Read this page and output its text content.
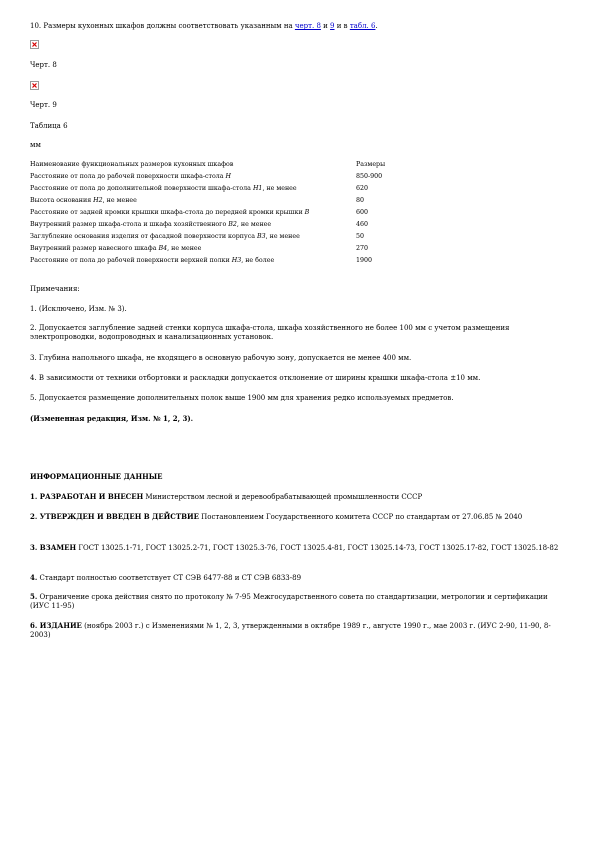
10. Размеры кухонных шкафов должны соответствовать указанным на черт. 8 и 9 и в табл. 6.
Черт. 8
Черт. 9
Таблица 6
мм
Наименование функциональных размеров кухонных шкафов	Размеры
Расстояние от пола до рабочей поверхности шкафа-стола Н	850-900
Расстояние от пола до дополнительной поверхности шкафа-стола Н1, не менее	620
Высота основания Н2, не менее	80
Расстояние от задней кромки крышки шкафа-стола до передней кромки крышки В	600
Внутренний размер шкафа-стола и шкафа хозяйственного В2, не менее	460
Заглубление основания изделия от фасадной поверхности корпуса В3, не менее	50
Внутренний размер навесного шкафа В4, не менее	270
Расстояние от пола до рабочей поверхности верхней полки Н3, не более	1900
Примечания:
1. (Исключено, Изм. № 3).
2. Допускается заглубление задней стенки корпуса шкафа-стола, шкафа хозяйственного не более 100 мм с учетом размещения электропроводки, водопроводных и канализационных установок.
3. Глубина напольного шкафа, не входящего в основную рабочую зону, допускается не менее 400 мм.
4. В зависимости от техники отбортовки и раскладки допускается отклонение от ширины крышки шкафа-стола ±10 мм.
5. Допускается размещение дополнительных полок выше 1900 мм для хранения редко используемых предметов.
(Измененная редакция, Изм. № 1, 2, 3).
ИНФОРМАЦИОННЫЕ ДАННЫЕ
1. РАЗРАБОТАН И ВНЕСЕН Министерством лесной и деревообрабатывающей промышленности СССР
2. УТВЕРЖДЕН И ВВЕДЕН В ДЕЙСТВИЕ Постановлением Государственного комитета СССР по стандартам от 27.06.85 № 2040
3. ВЗАМЕН ГОСТ 13025.1-71, ГОСТ 13025.2-71, ГОСТ 13025.3-76, ГОСТ 13025.4-81, ГОСТ 13025.14-73, ГОСТ 13025.17-82, ГОСТ 13025.18-82
4. Стандарт полностью соответствует СТ СЭВ 6477-88 и СТ СЭВ 6833-89
5. Ограничение срока действия снято по протоколу № 7-95 Межгосударственного совета по стандартизации, метрологии и сертификации (ИУС 11-95)
6. ИЗДАНИЕ (ноябрь 2003 г.) с Изменениями № 1, 2, 3, утвержденными в октябре 1989 г., августе 1990 г., мае 2003 г. (ИУС 2-90, 11-90, 8-2003)
